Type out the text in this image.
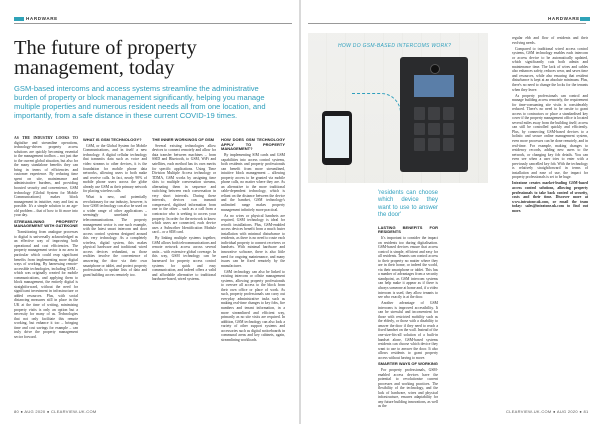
HARDWARE	HARDWARE
The future of property management, today
GSM-based intercoms and access systems streamline the administrative burden of property or block management significantly, helping you manage multiple properties and numerous resident needs all from one location, and importantly, from a safe distance in these current COVID-19 times.

AS THE INDUSTRY LOOKS TO digitalise and streamline operations, technology-driven property access solutions are quickly becoming essential to the management toolbox – not just due to the current global situation, but also for the many standalone benefits they can bring in terms of efficiencies and customer experience. By reducing time spent on site, maintenance and administrative burdens, and providing boosted security and convenience, GSM technology (Global System for Mobile Communications) makes block management in intuitive, easy and fast as possible. It's a simple solution to an age-old problem – that of how to fit more into your day.

STREAMLINING PROPERTY MANAGEMENT WITH GATEKONE

Transitioning from analogue processes to digital is universally acknowledged as an effective way of improving both operational and cost efficiencies. The property management sector is no area in particular which could reap significant benefits from implementing more digital ways of working. By harnessing remote-accessible technologies, including GSM – which was originally created for mobile communications, and applying them to block management, the entirely digital is straightforward, without the need for significant investment in infrastructure or added resources. Plus, with social distancing measures still in place in the UK at the time of writing, minimising property visits is only an option but a necessity for many of us. Technologies that not only facilitate this remote working, but enhance it too – bringing time and cost savings for example – can truly drive the property management sector forward.

WHAT IS GSM TECHNOLOGY?

GSM, or the Global System for Mobile Communications, and in itself a new technology. A digital cellular technology that transmits data such as voice and video streams to other devices, it is the foundation for mobile phone data networks, allowing users to both make and receive calls. In fact, nearly 90% of mobile phone users across the globe already use GSM as their primary network for placing wireless calls.

What is new, and potentially revolutionary for our industry, however, is how GSM technology can also be used on a wider range of other applications – seemingly unrelated to telecommunications. The property management sector is one such example, with the latest smart intercom and door access control systems designed around this very technology. As a completely wireless, digital system, this makes physical hardware and traditional wired access devices redundant, as those realities involve the convenience of answering the door via their own smartphone or tablet, and protect property professionals to update lists of data and grant building access remotely too.

THE INNER WORKINGS OF GSM

Several existing technologies allow devices to connect remotely and allow for data transfer between machines – from SSID and Bluetooth, to GSM, WiFi and satellites, each method has its own merits for specific applications. Using Time Division Multiple Access technology or TDMA, GSM works by assigning time slots to multiple conversation streams, alternating them in sequence and switching between each conversation in very short intervals. During these intervals, devices can transmit compressed, digitised information from one to the other – such as a call from a contractor who is seeking to access your property. In order for the network to know which users are connected, each device uses a Subscriber Identification Module card – or a SIM card.

By linking multiple systems together, GSM allows both telecommunications and remote network access across several units – with extensive global coverage. In this way, GSM technology can be harnessed for property access control systems for quick and easy communication, and indeed offers a valid and affordable alternative to traditional hardware-based, wired systems.

HOW DOES GSM TECHNOLOGY APPLY TO PROPERTY MANAGEMENT?

By implementing SIM cards and GSM capabilities into access control systems, both residents and property professionals can benefit from more streamlined, intuitive block management – allowing property access to be granted via mobile phone calls, no matter where they are. As an alternative to the more traditional cable-dependent technology, which is reliant on the distance between the device and the handset, GSM technology's unlimited range makes property management infinitely more practical.

As no wires or physical handsets are required, GSM technology is ideal for retrofit installations. Plus, GSM-enabled access devices benefit from a much faster installation with minimal disturbance to residents, as there is no need to route each individual property to connect receivers or handsets. With minimal hardware and innovative software, there is also little need for ongoing maintenance, and many issues can be fixed remotely by the manufacturer.

GSM technology can also be linked to existing intercom or offsite management systems, allowing property professionals to oversee all access to the block from their own office or place of work. As such, property professionals can carry out everyday administrative tasks such as making real-time changes to key fobs, fire numbers and tenant information, in a more streamlined and efficient way, primarily as no site visits are required. In addition, GSM technology can also look a variety of other support systems and accessories such as digital noticeboards in communal areas and key cabinets, again, streamlining workloads.

HOW DO GSM-BASED INTERCOMS WORK?
'residents can choose which device they want to use to answer the door'
LASTING BENEFITS FOR RESIDENTS

It's important to consider the impact on residents too during digitalisation. GSM-based devices ensure that access control is simple, efficient and easy for all residents. Tenants can control access to their property no matter where they are in their home, or indeed the world, via their smartphone or tablet. This has a number of advantages from a security standpoint, as GSM intercom systems can help make it appear as if there is always someone at home and, if a video intercom is used, they allow tenants to see who exactly is at the door.

Another advantage of GSM intercoms is improved accessibility. It can be stressful and inconvenient for those with restricted mobility such as the elderly, or those with a disability to answer the door if they need to reach a fixed handset on the wall. Instead of the one-size-fits-all solution of a built-in handset alone, GSM-based systems residents can choose which device they want to use to answer the door. It also allows residents to grant property access without having to move.

SMARTER WAYS OF WORKING

For property professionals, GSM-enabled access devices have the potential to revolutionise current processes and working practices. The flexibility of the technology, and the lack of hardware, wires and physical infrastructure, ensures adaptability for any future building innovations, as well as the

regular ebb and flow of residents and their evolving needs.

Compared to traditional wired access control systems, GSM technology enables each intercom or access device to be automatically updated, which significantly cuts both admin and maintenance time. The lack of wires and cables also enhances safety, reduces wear, and saves time and resources, while also ensuring that resident disturbance is kept at an absolute minimum. Plus, there's no need to change the locks for the tenants when they leave.

As property professionals can control and manage building access remotely, the requirement for time-consuming site visits is considerably reduced. There's no need to be onsite to grant access to contractors or place a standardised key cover if the property management office is located several miles away from the building itself; access can still be controlled quickly and efficiently. Plus, by connecting GSM-based devices to a holistic and secure online management system, even more processes can be done remotely, and in real-time. For example, making changes to residency records, adding new users to the network, or changing key fob details. You can even see when a user tries to enter with a previously cancelled key fob. With the technology is relatively straightforward in terms of installation and ease of use, the impact for property professionals is set to be huge.

Intratone creates market-leading GSM-based access control solutions, allowing property professionals to take back control of security, costs and their time. Discover more at www.intratone.uk.com, or email the team today: sales@intratone.uk.com to find out more.

80 ● AUG 2020 ● CLEARVIEW-UK.COM	CLEARVIEW-UK.COM ● AUG 2020 ● 81
